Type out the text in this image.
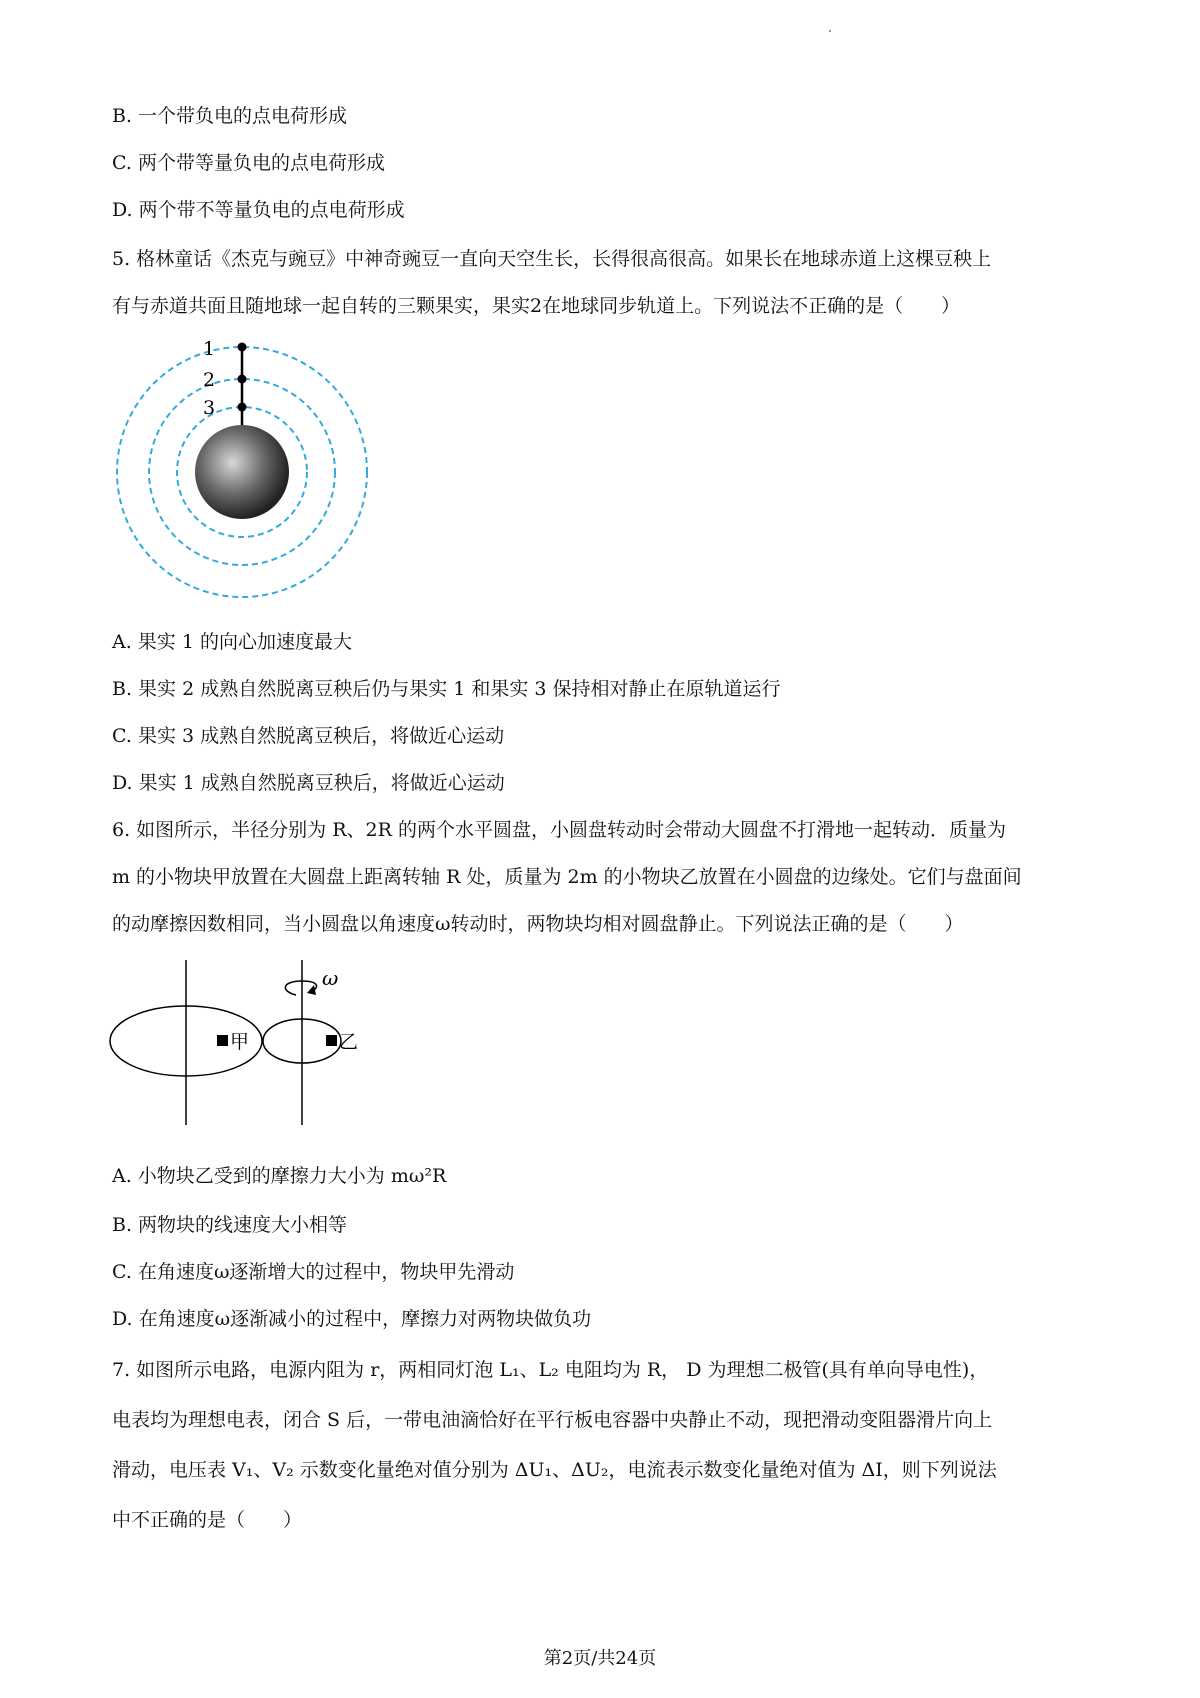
B. 一个带负电的点电荷形成
C. 两个带等量负电的点电荷形成
D. 两个带不等量负电的点电荷形成
5. 格林童话《杰克与豌豆》中神奇豌豆一直向天空生长，长得很高很高。如果长在地球赤道上这棵豆秧上
有与赤道共面且随地球一起自转的三颗果实，果实2在地球同步轨道上。下列说法不正确的是（　　）
1
2
3
A. 果实 1 的向心加速度最大
B. 果实 2 成熟自然脱离豆秧后仍与果实 1 和果实 3 保持相对静止在原轨道运行
C. 果实 3 成熟自然脱离豆秧后，将做近心运动
D. 果实 1 成熟自然脱离豆秧后，将做近心运动
6. 如图所示，半径分别为 R、2R 的两个水平圆盘，小圆盘转动时会带动大圆盘不打滑地一起转动．质量为
m 的小物块甲放置在大圆盘上距离转轴 R 处，质量为 2m 的小物块乙放置在小圆盘的边缘处。它们与盘面间
的动摩擦因数相同，当小圆盘以角速度ω转动时，两物块均相对圆盘静止。下列说法正确的是（　　）
ω
甲	乙
A. 小物块乙受到的摩擦力大小为 mω²R
B. 两物块的线速度大小相等
C. 在角速度ω逐渐增大的过程中，物块甲先滑动
D. 在角速度ω逐渐减小的过程中，摩擦力对两物块做负功
7. 如图所示电路，电源内阻为 r，两相同灯泡 L₁、L₂ 电阻均为 R， D 为理想二极管(具有单向导电性)，
电表均为理想电表，闭合 S 后，一带电油滴恰好在平行板电容器中央静止不动，现把滑动变阻器滑片向上
滑动，电压表 V₁、V₂ 示数变化量绝对值分别为 ΔU₁、ΔU₂，电流表示数变化量绝对值为 ΔI，则下列说法
中不正确的是（　　）
第2页/共24页
